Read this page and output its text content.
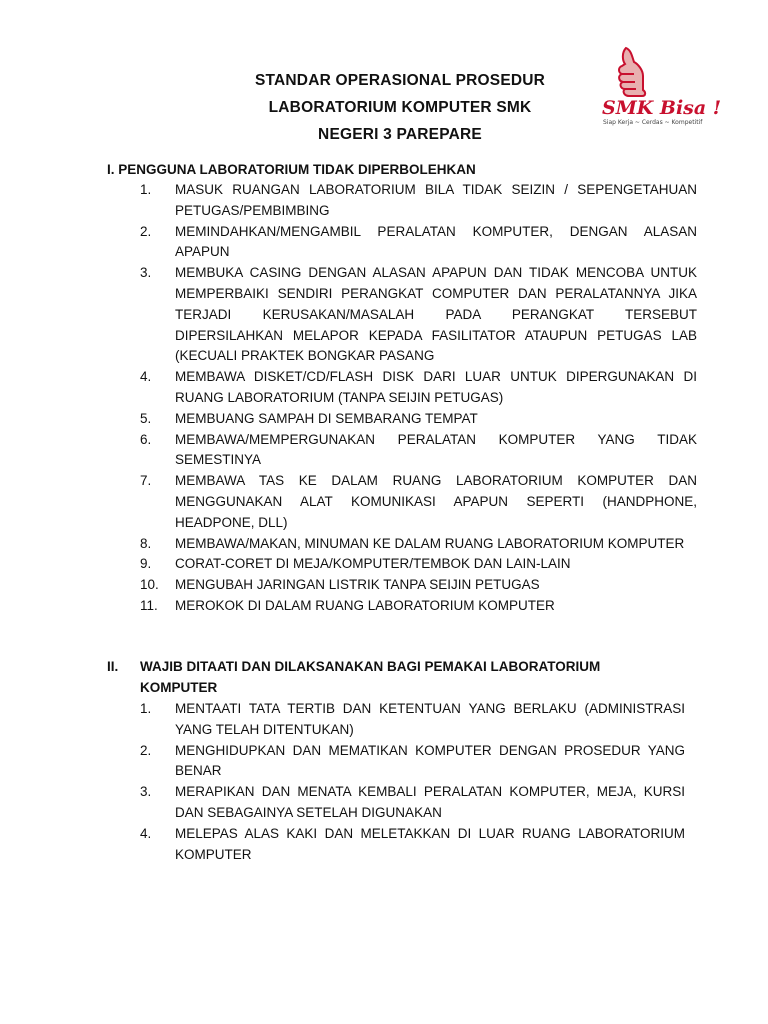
STANDAR OPERASIONAL PROSEDUR
LABORATORIUM KOMPUTER SMK
NEGERI 3 PAREPARE
SMK Bisa !
Siap Kerja ~ Cerdas ~ Kompetitif
I. PENGGUNA LABORATORIUM TIDAK DIPERBOLEHKAN
1.	MASUK RUANGAN LABORATORIUM BILA TIDAK SEIZIN / SEPENGETAHUAN PETUGAS/PEMBIMBING
2.	MEMINDAHKAN/MENGAMBIL PERALATAN KOMPUTER, DENGAN ALASAN APAPUN
3.	MEMBUKA CASING DENGAN ALASAN APAPUN DAN TIDAK MENCOBA UNTUK MEMPERBAIKI SENDIRI PERANGKAT COMPUTER DAN PERALATANNYA JIKA TERJADI KERUSAKAN/MASALAH PADA PERANGKAT TERSEBUT DIPERSILAHKAN MELAPOR KEPADA FASILITATOR ATAUPUN PETUGAS LAB (KECUALI PRAKTEK BONGKAR PASANG
4.	MEMBAWA DISKET/CD/FLASH DISK DARI LUAR UNTUK DIPERGUNAKAN DI RUANG LABORATORIUM (TANPA SEIJIN PETUGAS)
5.	MEMBUANG SAMPAH DI SEMBARANG TEMPAT
6.	MEMBAWA/MEMPERGUNAKAN PERALATAN KOMPUTER YANG TIDAK SEMESTINYA
7.	MEMBAWA TAS KE DALAM RUANG LABORATORIUM KOMPUTER DAN MENGGUNAKAN ALAT KOMUNIKASI APAPUN SEPERTI (HANDPHONE, HEADPONE, DLL)
8.	MEMBAWA/MAKAN, MINUMAN KE DALAM RUANG LABORATORIUM KOMPUTER
9.	CORAT-CORET DI MEJA/KOMPUTER/TEMBOK DAN LAIN-LAIN
10.	MENGUBAH JARINGAN LISTRIK TANPA SEIJIN PETUGAS
11.	MEROKOK DI DALAM RUANG LABORATORIUM KOMPUTER
II. WAJIB DITAATI DAN DILAKSANAKAN BAGI PEMAKAI LABORATORIUM KOMPUTER
1.	MENTAATI TATA TERTIB DAN KETENTUAN YANG BERLAKU (ADMINISTRASI YANG TELAH DITENTUKAN)
2.	MENGHIDUPKAN DAN MEMATIKAN KOMPUTER DENGAN PROSEDUR YANG BENAR
3.	MERAPIKAN DAN MENATA KEMBALI PERALATAN KOMPUTER, MEJA, KURSI DAN SEBAGAINYA SETELAH DIGUNAKAN
4.	MELEPAS ALAS KAKI DAN MELETAKKAN DI LUAR RUANG LABORATORIUM KOMPUTER
